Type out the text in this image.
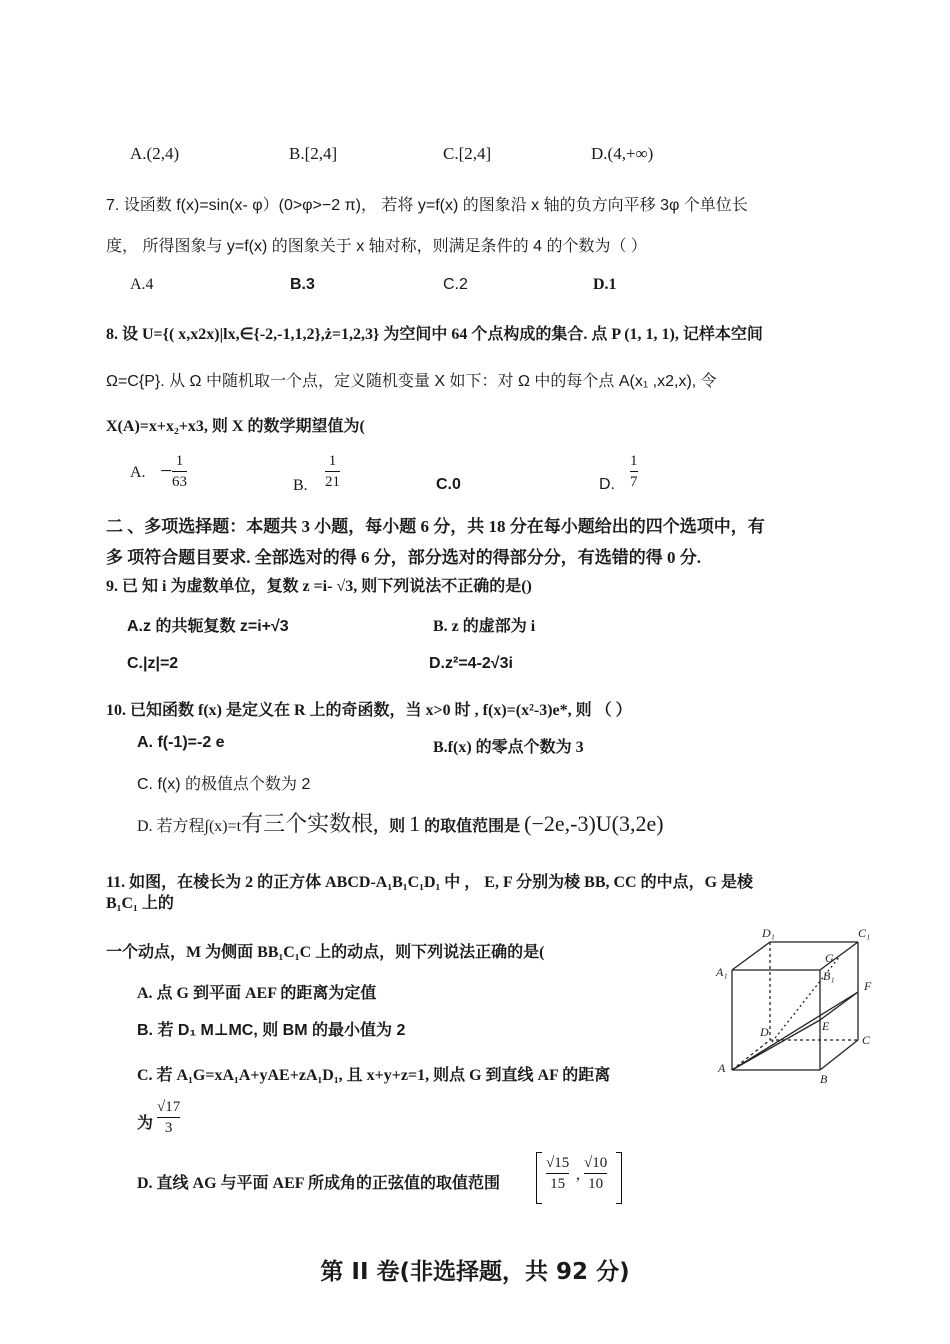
A.(2,4)	B.[2,4]	C.[2,4]	D.(4,+∞)
7. 设函数 f(x)=sin(x- φ）(0>φ>−2 π)， 若将 y=f(x) 的图象沿 x 轴的负方向平移 3φ 个单位长
度， 所得图象与 y=f(x) 的图象关于 x 轴对称，则满足条件的 4 的个数为（ ）
A.4	B.3	C.2	D.1
8. 设 U={( x,x2x)|lx,∈{-2,-1,1,2},ż=1,2,3} 为空间中 64 个点构成的集合. 点 P (1, 1, 1), 记样本空间
Ω=C{P}. 从 Ω 中随机取一个点，定义随机变量 X 如下：对 Ω 中的每个点 A(x₁ ,x2,x), 令
X(A)=x+x₂+x3, 则 X 的数学期望值为(
A. − 1
63	B.
1
21	C.0	D.
1
7
二 、多项选择题：本题共 3 小题，每小题 6 分，共 18 分在每小题给出的四个选项中，有
多 项符合题目要求. 全部选对的得 6 分，部分选对的得部分分，有选错的得 0 分.
9. 已 知 i 为虚数单位，复数 z =i- √3, 则下列说法不正确的是()
A.z 的共轭复数 z=i+√3	B. z 的虚部为 i
C.|z|=2	D.z²=4-2√3i
10. 已知函数 f(x) 是定义在 R 上的奇函数，当 x>0 时 , f(x)=(x²-3)e*, 则 （ ）
A. f(-1)=-2 e	B.f(x) 的零点个数为 3
C. f(x) 的极值点个数为 2
D. 若方程∫(x)=t有三个实数根，则 1 的取值范围是 (−2e,-3)U(3,2e)
11. 如图，在棱长为 2 的正方体 ABCD-A₁B₁C₁D₁ 中 ， E, F 分别为棱 BB, CC 的中点，G 是棱
B₁C₁ 上的
一个动点，M 为侧面 BB₁C₁C 上的动点，则下列说法正确的是(
A. 点 G 到平面 AEF 的距离为定值
B. 若 D₁ M⊥MC, 则 BM 的最小值为 2
C. 若 A₁G=xA₁A+yAE+zA₁D₁, 且 x+y+z=1, 则点 G 到直线 AF 的距离
为
√17
3
D. 直线 AG 与平面 AEF 所成角的正弦值的取值范围
√15
15
,
√10
10
D₁	C₁
A₁	B₁
G
F
D	E
C
A
B
第 II 卷(非选择题，共 92 分)
